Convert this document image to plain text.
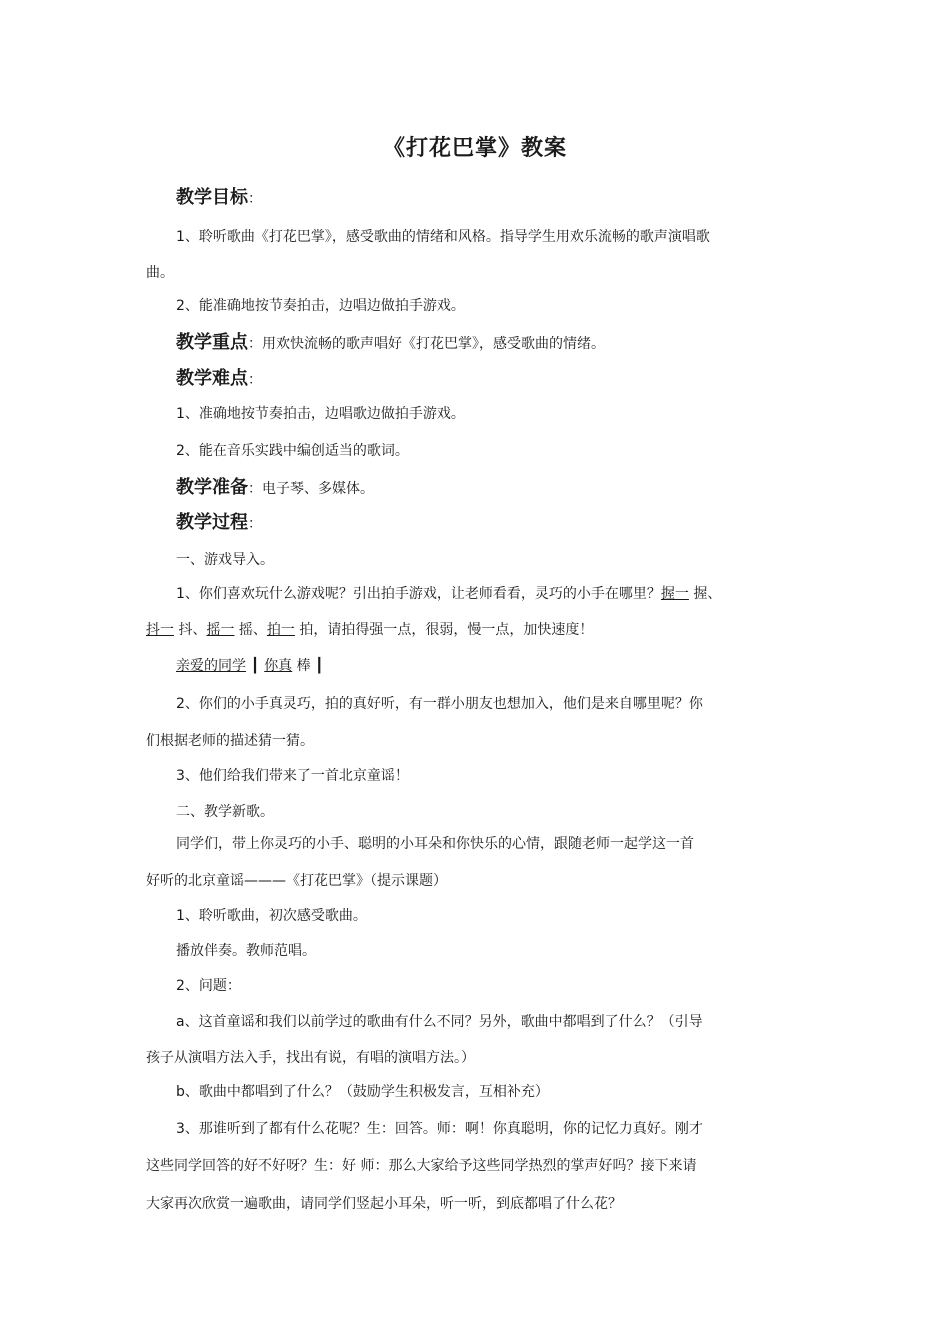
《打花巴掌》教案
教学目标：
1、聆听歌曲《打花巴掌》，感受歌曲的情绪和风格。指导学生用欢乐流畅的歌声演唱歌
曲。
2、能准确地按节奏拍击，边唱边做拍手游戏。
教学重点：用欢快流畅的歌声唱好《打花巴掌》，感受歌曲的情绪。
教学难点：
1、准确地按节奏拍击，边唱歌边做拍手游戏。
2、能在音乐实践中编创适当的歌词。
教学准备：电子琴、多媒体。
教学过程：
一、游戏导入。
1、你们喜欢玩什么游戏呢？引出拍手游戏，让老师看看，灵巧的小手在哪里？握一 握、
抖一 抖、摇一 摇、拍一 拍，请拍得强一点，很弱，慢一点，加快速度！
亲爱的同学 ┃ 你真 棒 ┃
2、你们的小手真灵巧，拍的真好听，有一群小朋友也想加入，他们是来自哪里呢？你
们根据老师的描述猜一猜。
3、他们给我们带来了一首北京童谣！
二、教学新歌。
同学们，带上你灵巧的小手、聪明的小耳朵和你快乐的心情，跟随老师一起学这一首
好听的北京童谣———《打花巴掌》（提示课题）
1、聆听歌曲，初次感受歌曲。
播放伴奏。教师范唱。
2、问题：
a、这首童谣和我们以前学过的歌曲有什么不同？另外，歌曲中都唱到了什么？（引导
孩子从演唱方法入手，找出有说，有唱的演唱方法。）
b、歌曲中都唱到了什么？（鼓励学生积极发言，互相补充）
3、那谁听到了都有什么花呢？生：回答。师：啊！你真聪明，你的记忆力真好。刚才
这些同学回答的好不好呀？生：好 师：那么大家给予这些同学热烈的掌声好吗？接下来请
大家再次欣赏一遍歌曲，请同学们竖起小耳朵，听一听，到底都唱了什么花？
